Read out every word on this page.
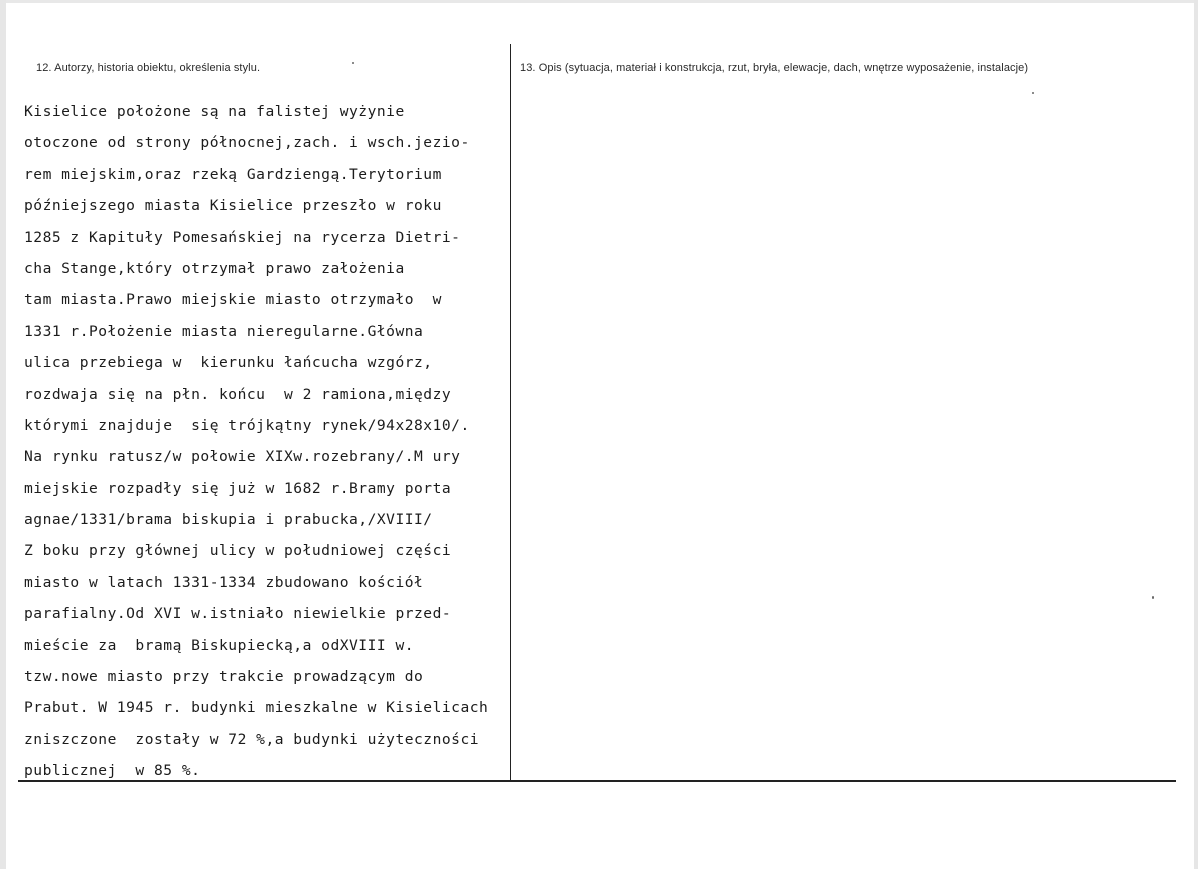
12. Autorzy, historia obiektu, określenia stylu.	13. Opis (sytuacja, materiał i konstrukcja, rzut, bryła, elewacje, dach, wnętrze wyposażenie, instalacje)
Kisielice położone są na falistej wyżynie
otoczone od strony północnej,zach. i wsch.jezio-
rem miejskim,oraz rzeką Gardziengą.Terytorium
późniejszego miasta Kisielice przeszło w roku
1285 z Kapituły Pomesańskiej na rycerza Dietri-
cha Stange,który otrzymał prawo założenia
tam miasta.Prawo miejskie miasto otrzymało  w
1331 r.Położenie miasta nieregularne.Główna
ulica przebiega w  kierunku łańcucha wzgórz,
rozdwaja się na płn. końcu  w 2 ramiona,między
którymi znajduje  się trójkątny rynek/94x28x10/.
Na rynku ratusz/w połowie XIXw.rozebrany/.M ury
miejskie rozpadły się już w 1682 r.Bramy porta
agnae/1331/brama biskupia i prabucka,/XVIII/
Z boku przy głównej ulicy w południowej części
miasto w latach 1331-1334 zbudowano kościół
parafialny.Od XVI w.istniało niewielkie przed-
mieście za  bramą Biskupiecką,a odXVIII w.
tzw.nowe miasto przy trakcie prowadzącym do
Prabut. W 1945 r. budynki mieszkalne w Kisielicach
zniszczone  zostały w 72 %,a budynki użyteczności
publicznej  w 85 %.
